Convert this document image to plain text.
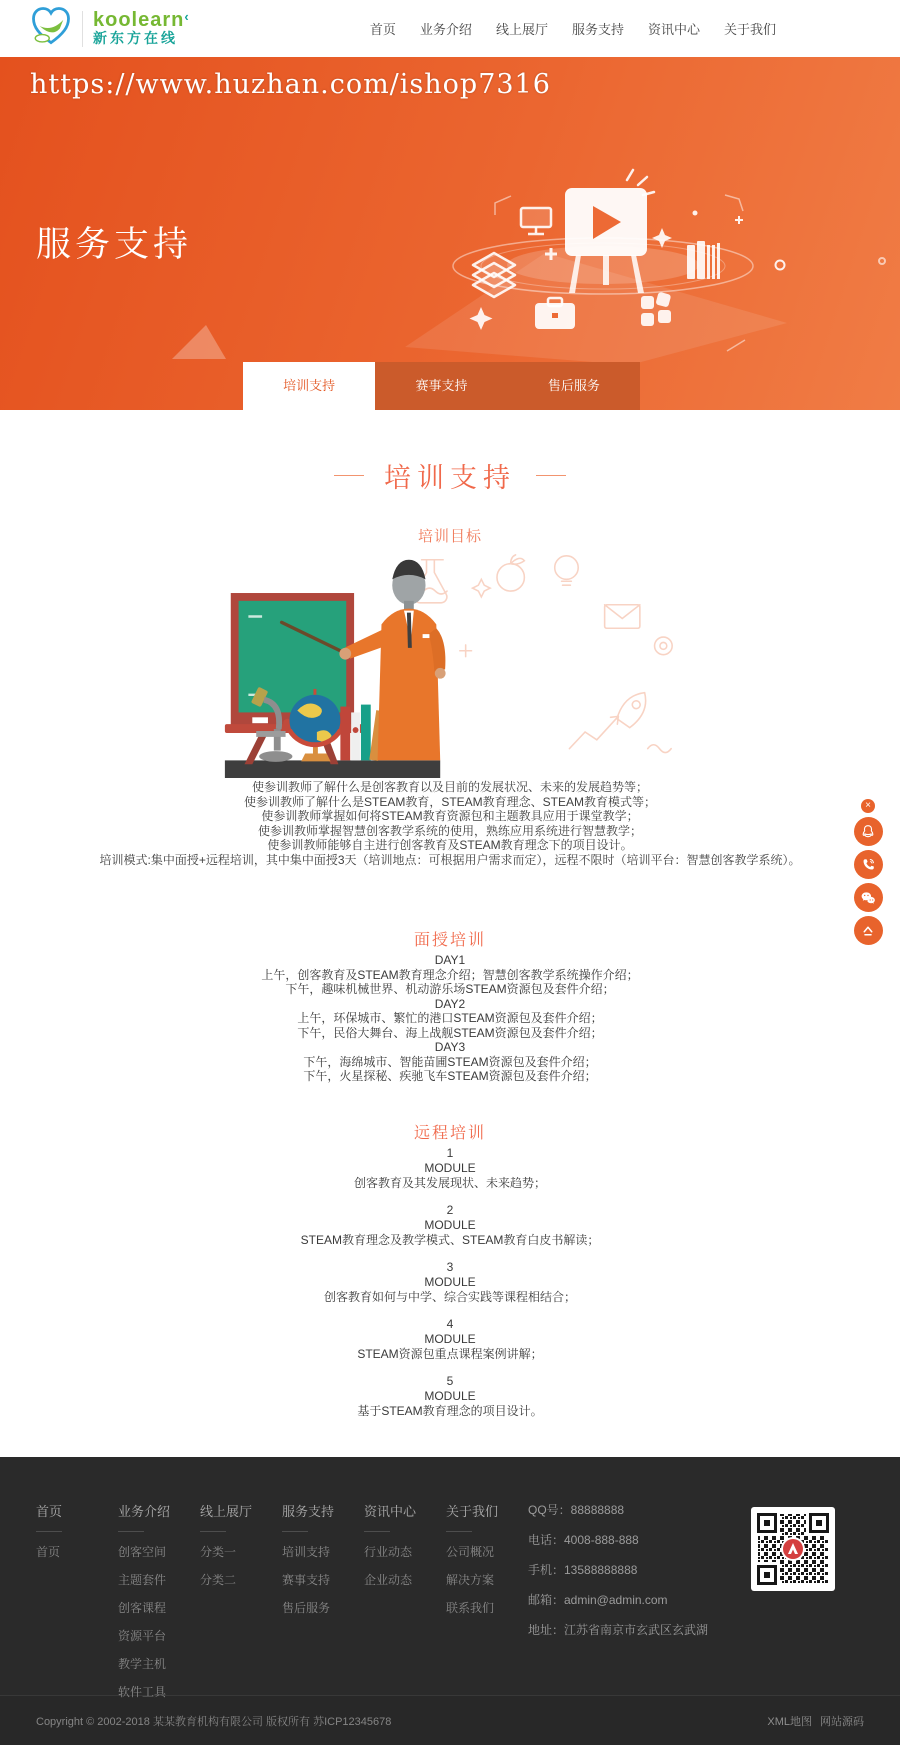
koolearn‹
新东方在线
首页 业务介绍 线上展厅 服务支持 资讯中心 关于我们
https://www.huzhan.com/ishop7316
服务支持
培训支持	赛事支持	售后服务
培训支持
培训目标
使参训教师了解什么是创客教育以及目前的发展状况、未来的发展趋势等；
使参训教师了解什么是STEAM教育，STEAM教育理念、STEAM教育模式等；
使参训教师掌握如何将STEAM教育资源包和主题教具应用于课堂教学；
使参训教师掌握智慧创客教学系统的使用，熟练应用系统进行智慧教学；
使参训教师能够自主进行创客教育及STEAM教育理念下的项目设计。
培训模式:集中面授+远程培训，其中集中面授3天（培训地点：可根据用户需求而定），远程不限时（培训平台：智慧创客教学系统）。
面授培训
DAY1
上午，创客教育及STEAM教育理念介绍；智慧创客教学系统操作介绍；
下午，趣味机械世界、机动游乐场STEAM资源包及套件介绍；
DAY2
上午，环保城市、繁忙的港口STEAM资源包及套件介绍；
下午，民俗大舞台、海上战舰STEAM资源包及套件介绍；
DAY3
下午，海绵城市、智能苗圃STEAM资源包及套件介绍；
下午，火星探秘、疾驰飞车STEAM资源包及套件介绍；
远程培训
1
MODULE
创客教育及其发展现状、未来趋势；
2
MODULE
STEAM教育理念及教学模式、STEAM教育白皮书解读；
3
MODULE
创客教育如何与中学、综合实践等课程相结合；
4
MODULE
STEAM资源包重点课程案例讲解；
5
MODULE
基于STEAM教育理念的项目设计。
×
首页
首页
业务介绍
创客空间
主题套件
创客课程
资源平台
教学主机
软件工具
线上展厅
分类一
分类二
服务支持
培训支持
赛事支持
售后服务
资讯中心
行业动态
企业动态
关于我们
公司概况
解决方案
联系我们
QQ号：88888888
电话：4008-888-888
手机：13588888888
邮箱：admin@admin.com
地址：江苏省南京市玄武区玄武湖
Copyright © 2002-2018 某某教育机构有限公司 版权所有 苏ICP12345678	XML地图 网站源码
